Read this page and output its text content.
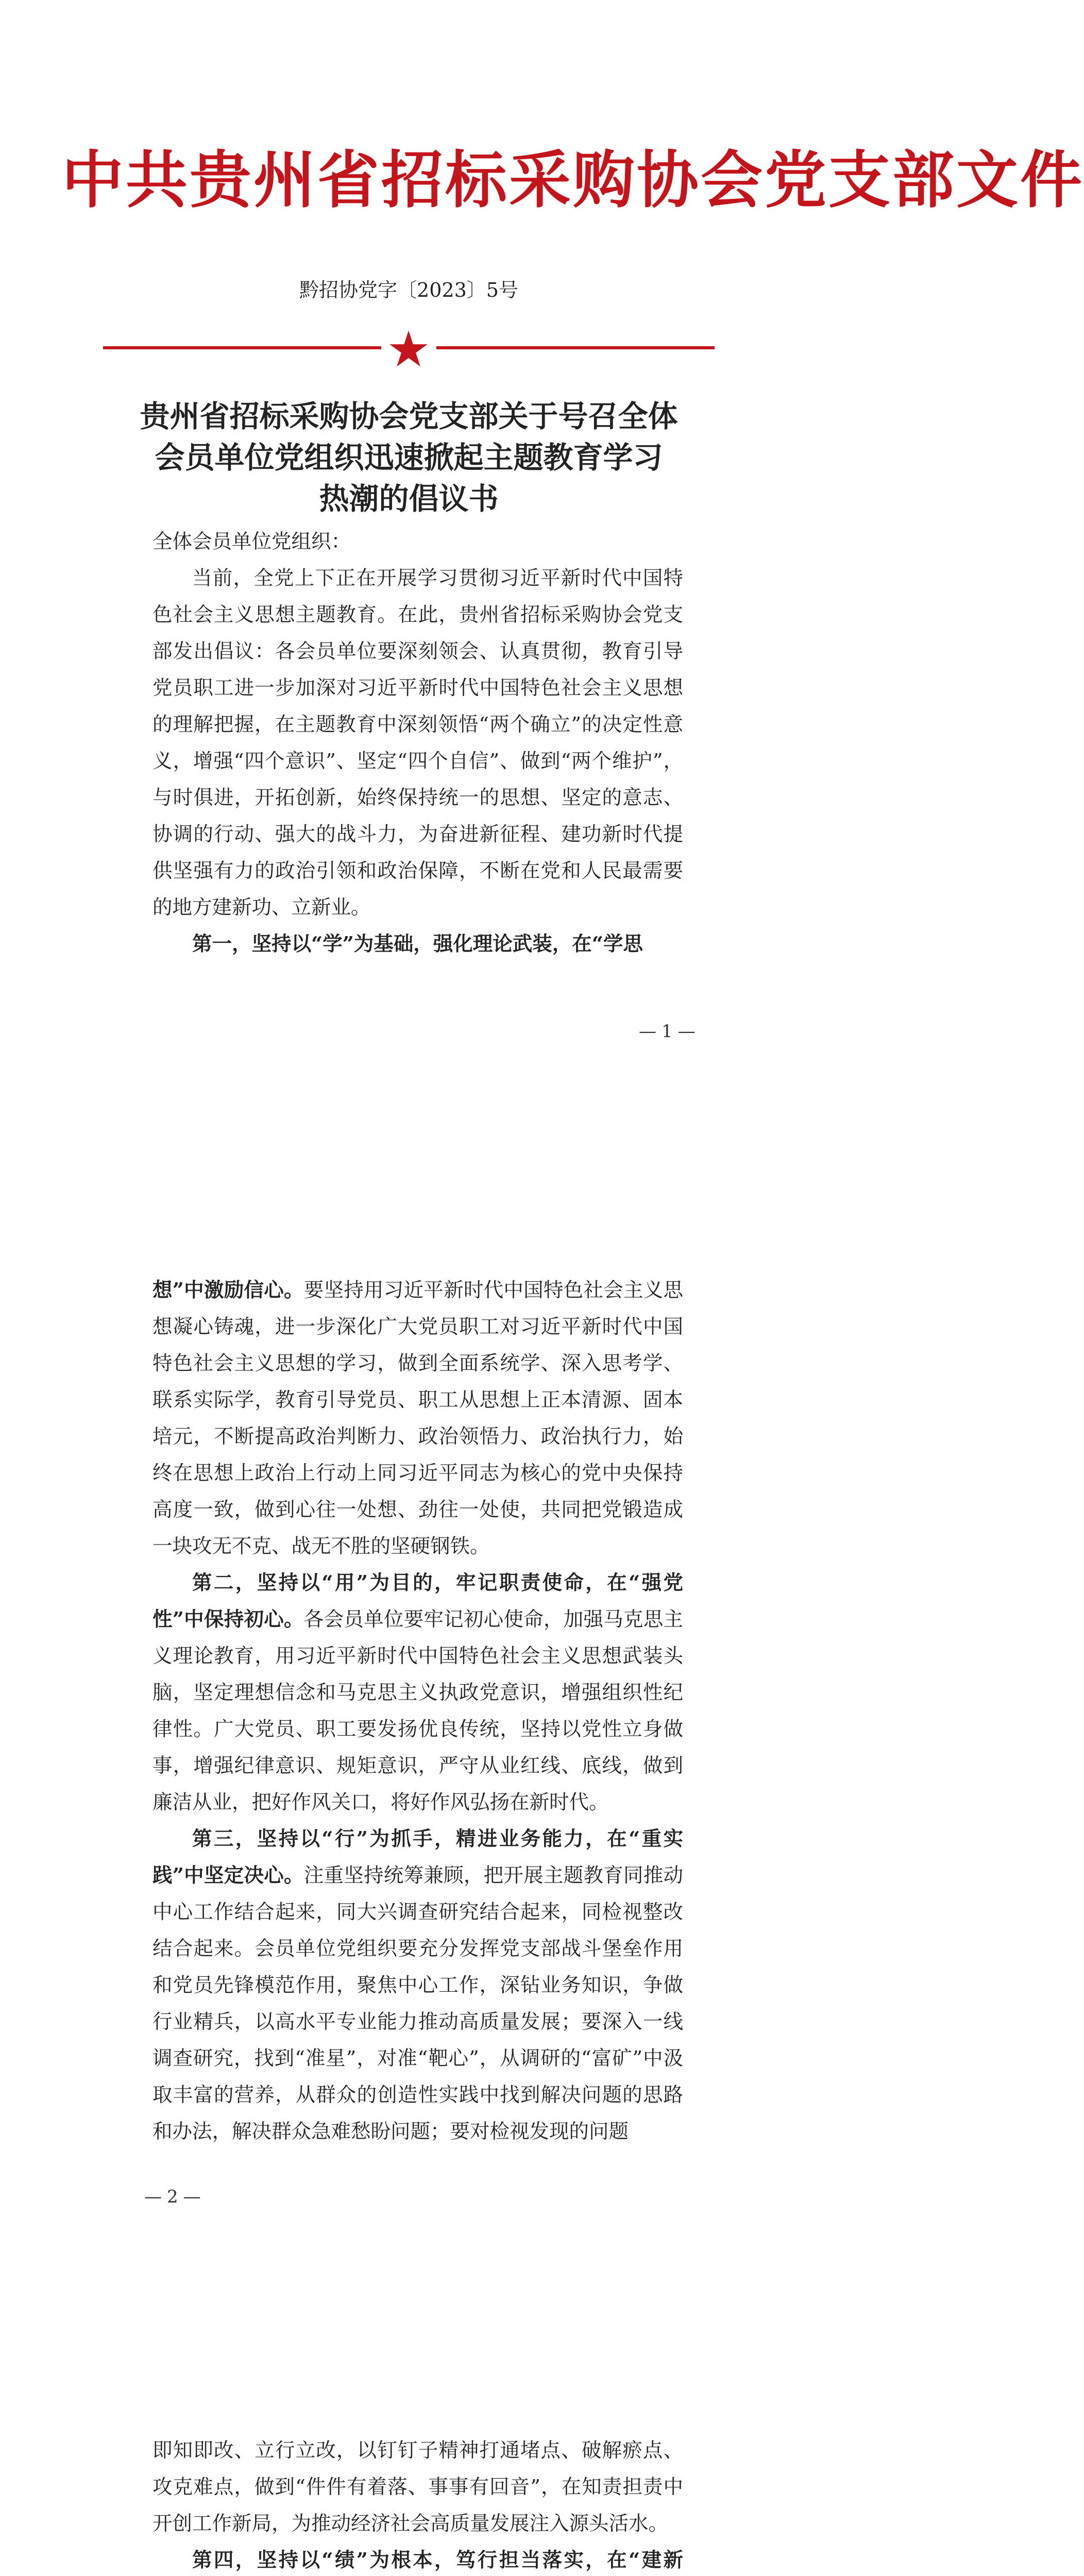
中共贵州省招标采购协会党支部文件
黔招协党字〔2023〕5号
★
贵州省招标采购协会党支部关于号召全体
会员单位党组织迅速掀起主题教育学习
热潮的倡议书
全体会员单位党组织：

当前，全党上下正在开展学习贯彻习近平新时代中国特色社会主义思想主题教育。在此，贵州省招标采购协会党支部发出倡议：各会员单位要深刻领会、认真贯彻，教育引导党员职工进一步加深对习近平新时代中国特色社会主义思想的理解把握，在主题教育中深刻领悟“两个确立”的决定性意义，增强“四个意识”、坚定“四个自信”、做到“两个维护”，与时俱进，开拓创新，始终保持统一的思想、坚定的意志、协调的行动、强大的战斗力，为奋进新征程、建功新时代提供坚强有力的政治引领和政治保障，不断在党和人民最需要的地方建新功、立新业。

第一，坚持以“学”为基础，强化理论武装，在“学思

—1—

想”中激励信心。要坚持用习近平新时代中国特色社会主义思想凝心铸魂，进一步深化广大党员职工对习近平新时代中国特色社会主义思想的学习，做到全面系统学、深入思考学、联系实际学，教育引导党员、职工从思想上正本清源、固本培元，不断提高政治判断力、政治领悟力、政治执行力，始终在思想上政治上行动上同习近平同志为核心的党中央保持高度一致，做到心往一处想、劲往一处使，共同把党锻造成一块攻无不克、战无不胜的坚硬钢铁。

第二，坚持以“用”为目的，牢记职责使命，在“强党性”中保持初心。各会员单位要牢记初心使命，加强马克思主义理论教育，用习近平新时代中国特色社会主义思想武装头脑，坚定理想信念和马克思主义执政党意识，增强组织性纪律性。广大党员、职工要发扬优良传统，坚持以党性立身做事，增强纪律意识、规矩意识，严守从业红线、底线，做到廉洁从业，把好作风关口，将好作风弘扬在新时代。

第三，坚持以“行”为抓手，精进业务能力，在“重实践”中坚定决心。注重坚持统筹兼顾，把开展主题教育同推动中心工作结合起来，同大兴调查研究结合起来，同检视整改结合起来。会员单位党组织要充分发挥党支部战斗堡垒作用和党员先锋模范作用，聚焦中心工作，深钻业务知识，争做行业精兵，以高水平专业能力推动高质量发展；要深入一线调查研究，找到“准星”，对准“靶心”，从调研的“富矿”中汲取丰富的营养，从群众的创造性实践中找到解决问题的思路和办法，解决群众急难愁盼问题；要对检视发现的问题

—2—

即知即改、立行立改，以钉钉子精神打通堵点、破解瘀点、攻克难点，做到“件件有着落、事事有回音”，在知责担责中开创工作新局，为推动经济社会高质量发展注入源头活水。

第四，坚持以“绩”为根本，笃行担当落实，在“建新
